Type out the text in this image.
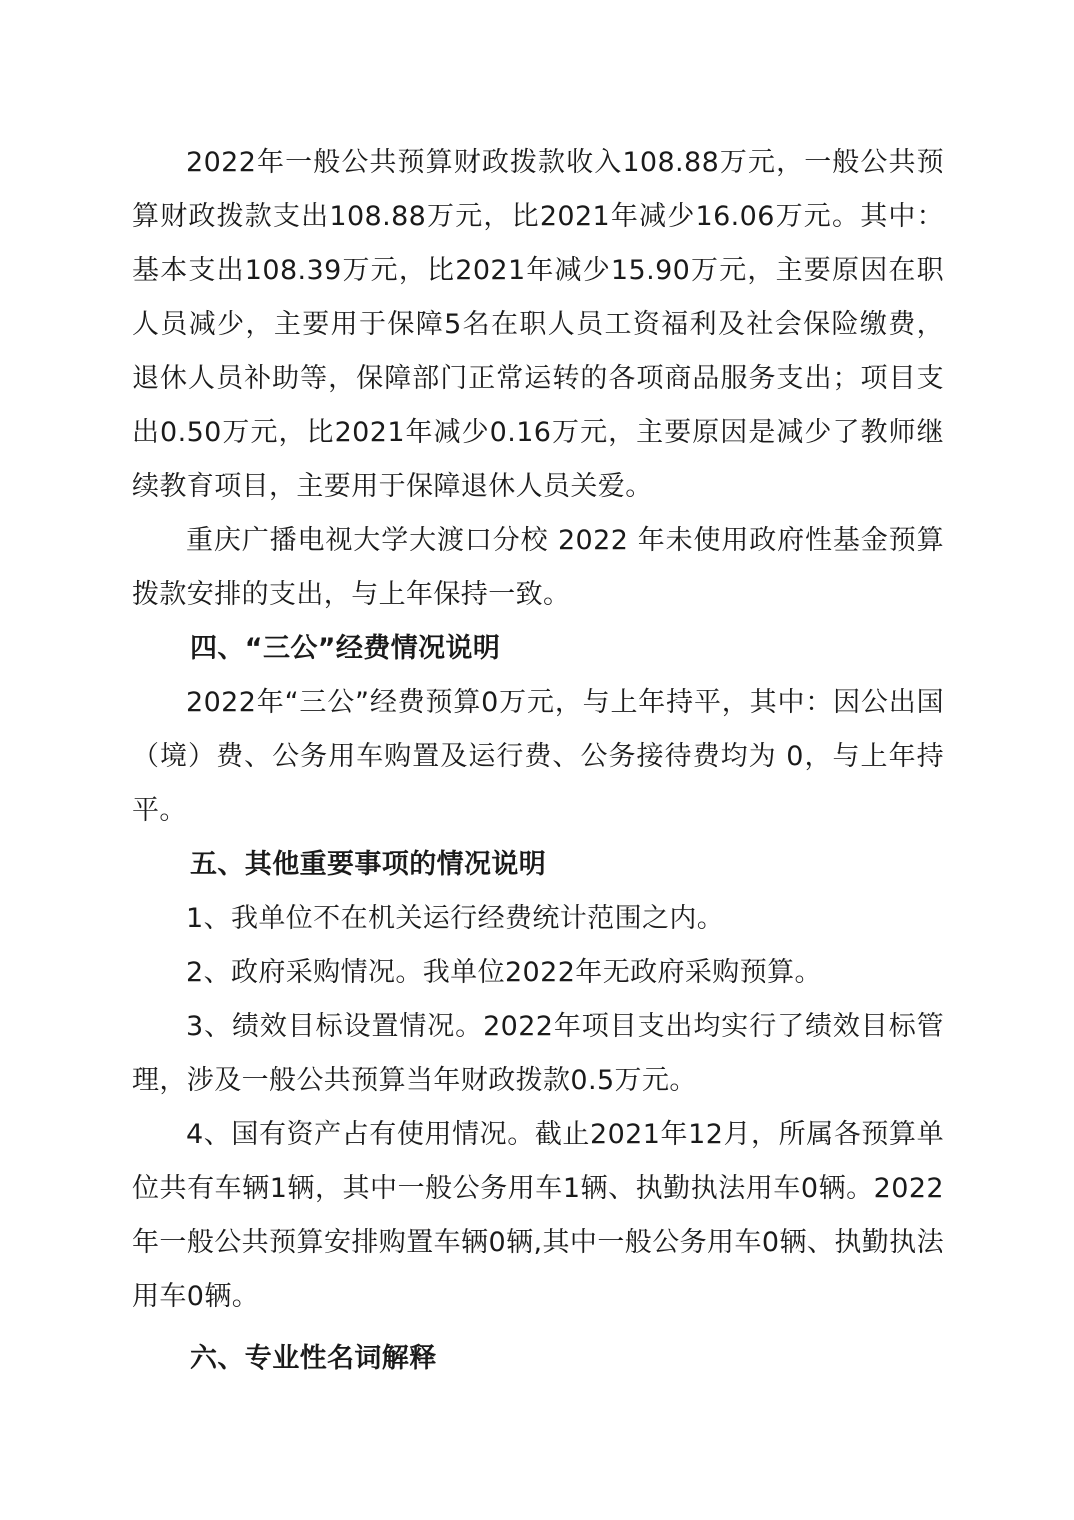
2022年一般公共预算财政拨款收入108.88万元，一般公共预算财政拨款支出108.88万元，比2021年减少16.06万元。其中：基本支出108.39万元，比2021年减少15.90万元，主要原因在职人员减少，主要用于保障5名在职人员工资福利及社会保险缴费，退休人员补助等，保障部门正常运转的各项商品服务支出；项目支出0.50万元，比2021年减少0.16万元，主要原因是减少了教师继续教育项目，主要用于保障退休人员关爱。

重庆广播电视大学大渡口分校 2022 年未使用政府性基金预算拨款安排的支出，与上年保持一致。

四、“三公”经费情况说明

2022年“三公”经费预算0万元，与上年持平，其中：因公出国（境）费、公务用车购置及运行费、公务接待费均为 0，与上年持平。

五、其他重要事项的情况说明

1、我单位不在机关运行经费统计范围之内。

2、政府采购情况。我单位2022年无政府采购预算。

3、绩效目标设置情况。2022年项目支出均实行了绩效目标管理，涉及一般公共预算当年财政拨款0.5万元。

4、国有资产占有使用情况。截止2021年12月，所属各预算单位共有车辆1辆，其中一般公务用车1辆、执勤执法用车0辆。2022年一般公共预算安排购置车辆0辆,其中一般公务用车0辆、执勤执法用车0辆。

六、专业性名词解释
